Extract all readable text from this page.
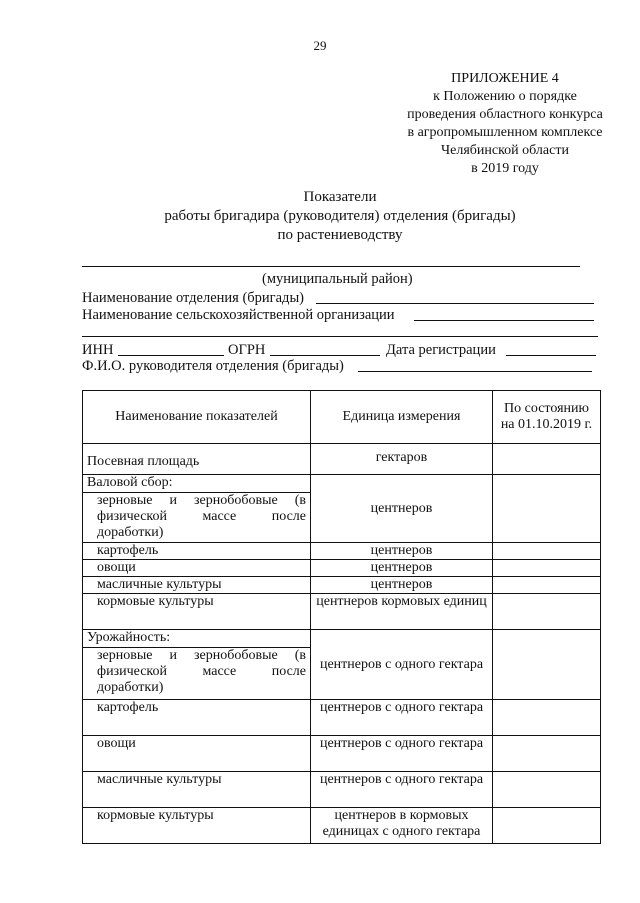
29
ПРИЛОЖЕНИЕ 4
к Положению о порядке
проведения областного конкурса
в агропромышленном комплексе
Челябинской области
в 2019 году
Показатели
работы бригадира (руководителя) отделения (бригады)
по растениеводству
(муниципальный район)
Наименование отделения (бригады)
Наименование сельскохозяйственной организации
ИНН	ОГРН	Дата регистрации
Ф.И.О. руководителя отделения (бригады)
Наименование показателей	Единица измерения	По состоянию на 01.10.2019 г.
Посевная площадь	гектаров	
Валовой сбор:	центнеров	
зерновые и зернобобовые (в физической массе после доработки)		
картофель	центнеров	
овощи	центнеров	
масличные культуры	центнеров	
кормовые культуры	центнеров кормовых единиц	
Урожайность:	центнеров с одного гектара	
зерновые и зернобобовые (в физической массе после доработки)		
картофель	центнеров с одного гектара	
овощи	центнеров с одного гектара	
масличные культуры	центнеров с одного гектара	
кормовые культуры	центнеров в кормовых единицах с одного гектара	
